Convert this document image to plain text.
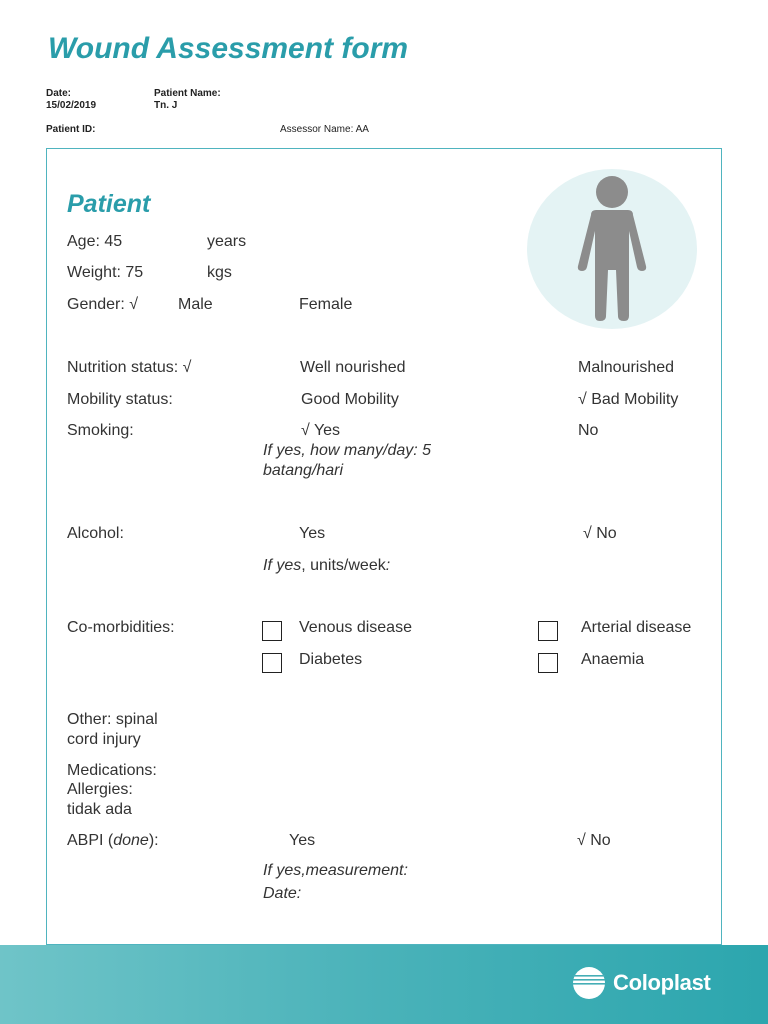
Wound Assessment form
Date:
15/02/2019
Patient Name:
Tn. J
Patient ID:	Assessor Name: AA
Patient
Age: 45	years
Weight: 75	kgs
Gender: √ Male	Female
Nutrition status: √	Well nourished	Malnourished
Mobility status:	Good Mobility	√ Bad Mobility
Smoking:	√ Yes	No
If yes, how many/day: 5
batang/hari
Alcohol:	Yes	√ No
If yes, units/week:
Co-morbidities:	Venous disease	Arterial disease
Diabetes	Anaemia
Other: spinal
cord injury
Medications:
Allergies:
tidak ada
ABPI (done):	Yes	√ No
If yes,measurement:
Date:
Coloplast
